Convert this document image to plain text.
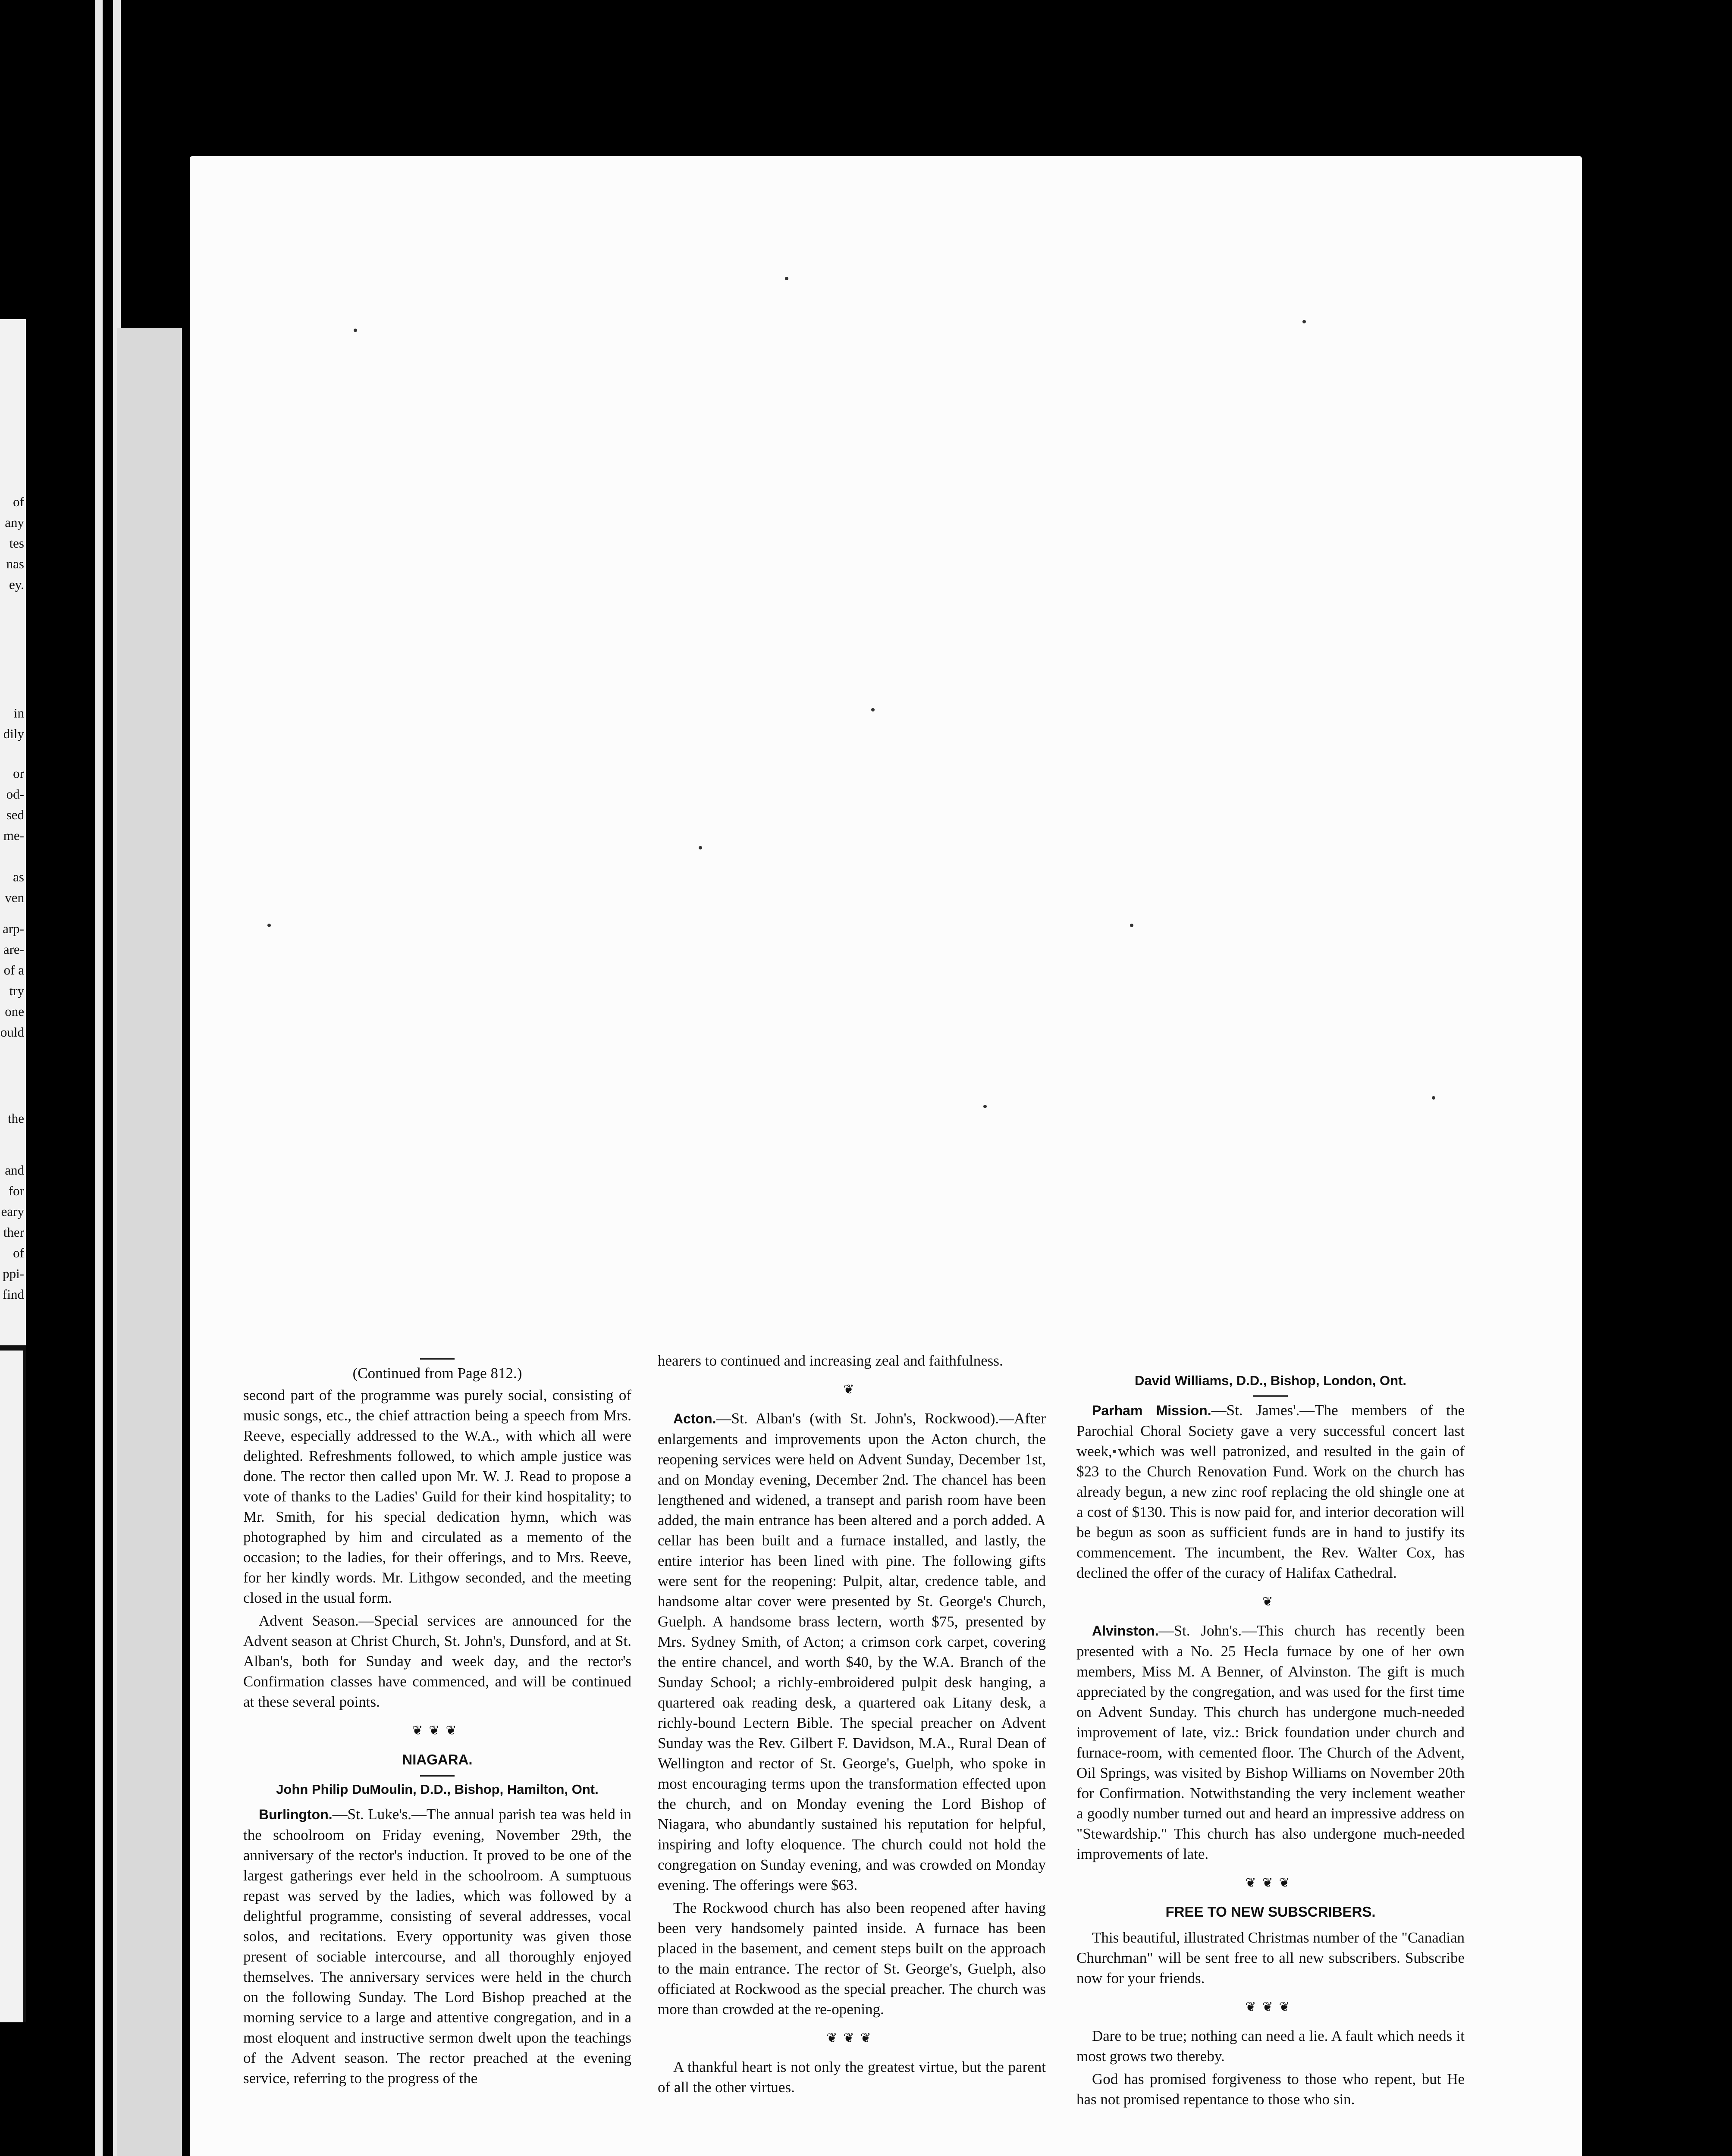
of
any
tes
nas
ey.
in
dily
or
od-
sed
me-
as
ven
arp-
are-
of a
try
one
ould
the
and
for
eary
ther
of
ppi-
find

(Continued from Page 812.)

second part of the programme was purely social, consisting of music songs, etc., the chief attraction being a speech from Mrs. Reeve, especially addressed to the W.A., with which all were delighted. Refreshments followed, to which ample justice was done. The rector then called upon Mr. W. J. Read to propose a vote of thanks to the Ladies' Guild for their kind hospitality; to Mr. Smith, for his special dedication hymn, which was photographed by him and circulated as a memento of the occasion; to the ladies, for their offerings, and to Mrs. Reeve, for her kindly words. Mr. Lithgow seconded, and the meeting closed in the usual form.

Advent Season.—Special services are announced for the Advent season at Christ Church, St. John's, Dunsford, and at St. Alban's, both for Sunday and week day, and the rector's Confirmation classes have commenced, and will be continued at these several points.

❦❦❦
NIAGARA.
John Philip DuMoulin, D.D., Bishop, Hamilton, Ont.

Burlington.—St. Luke's.—The annual parish tea was held in the schoolroom on Friday evening, November 29th, the anniversary of the rector's induction. It proved to be one of the largest gatherings ever held in the schoolroom. A sumptuous repast was served by the ladies, which was followed by a delightful programme, consisting of several addresses, vocal solos, and recitations. Every opportunity was given those present of sociable intercourse, and all thoroughly enjoyed themselves. The anniversary services were held in the church on the following Sunday. The Lord Bishop preached at the morning service to a large and attentive congregation, and in a most eloquent and instructive sermon dwelt upon the teachings of the Advent season. The rector preached at the evening service, referring to the progress of the

hearers to continued and increasing zeal and faithfulness.

❦

Acton.—St. Alban's (with St. John's, Rockwood).—After enlargements and improvements upon the Acton church, the reopening services were held on Advent Sunday, December 1st, and on Monday evening, December 2nd. The chancel has been lengthened and widened, a transept and parish room have been added, the main entrance has been altered and a porch added. A cellar has been built and a furnace installed, and lastly, the entire interior has been lined with pine. The following gifts were sent for the reopening: Pulpit, altar, credence table, and handsome altar cover were presented by St. George's Church, Guelph. A handsome brass lectern, worth $75, presented by Mrs. Sydney Smith, of Acton; a crimson cork carpet, covering the entire chancel, and worth $40, by the W.A. Branch of the Sunday School; a richly-embroidered pulpit desk hanging, a quartered oak reading desk, a quartered oak Litany desk, a richly-bound Lectern Bible. The special preacher on Advent Sunday was the Rev. Gilbert F. Davidson, M.A., Rural Dean of Wellington and rector of St. George's, Guelph, who spoke in most encouraging terms upon the transformation effected upon the church, and on Monday evening the Lord Bishop of Niagara, who abundantly sustained his reputation for helpful, inspiring and lofty eloquence. The church could not hold the congregation on Sunday evening, and was crowded on Monday evening. The offerings were $63.

The Rockwood church has also been reopened after having been very handsomely painted inside. A furnace has been placed in the basement, and cement steps built on the approach to the main entrance. The rector of St. George's, Guelph, also officiated at Rockwood as the special preacher. The church was more than crowded at the re-opening.

❦❦❦

A thankful heart is not only the greatest virtue, but the parent of all the other virtues.

David Williams, D.D., Bishop, London, Ont.

Parham Mission.—St. James'.—The members of the Parochial Choral Society gave a very successful concert last week, which was well patronized, and resulted in the gain of $23 to the Church Renovation Fund. Work on the church has already begun, a new zinc roof replacing the old shingle one at a cost of $130. This is now paid for, and interior decoration will be begun as soon as sufficient funds are in hand to justify its commencement. The incumbent, the Rev. Walter Cox, has declined the offer of the curacy of Halifax Cathedral.

❦

Alvinston.—St. John's.—This church has recently been presented with a No. 25 Hecla furnace by one of her own members, Miss M. A Benner, of Alvinston. The gift is much appreciated by the congregation, and was used for the first time on Advent Sunday. This church has undergone much-needed improvement of late, viz.: Brick foundation under church and furnace-room, with cemented floor. The Church of the Advent, Oil Springs, was visited by Bishop Williams on November 20th for Confirmation. Notwithstanding the very inclement weather a goodly number turned out and heard an impressive address on "Stewardship." This church has also undergone much-needed improvements of late.

❦❦❦
FREE TO NEW SUBSCRIBERS.

This beautiful, illustrated Christmas number of the "Canadian Churchman" will be sent free to all new subscribers. Subscribe now for your friends.

❦❦❦

Dare to be true; nothing can need a lie. A fault which needs it most grows two thereby.

God has promised forgiveness to those who repent, but He has not promised repentance to those who sin.
